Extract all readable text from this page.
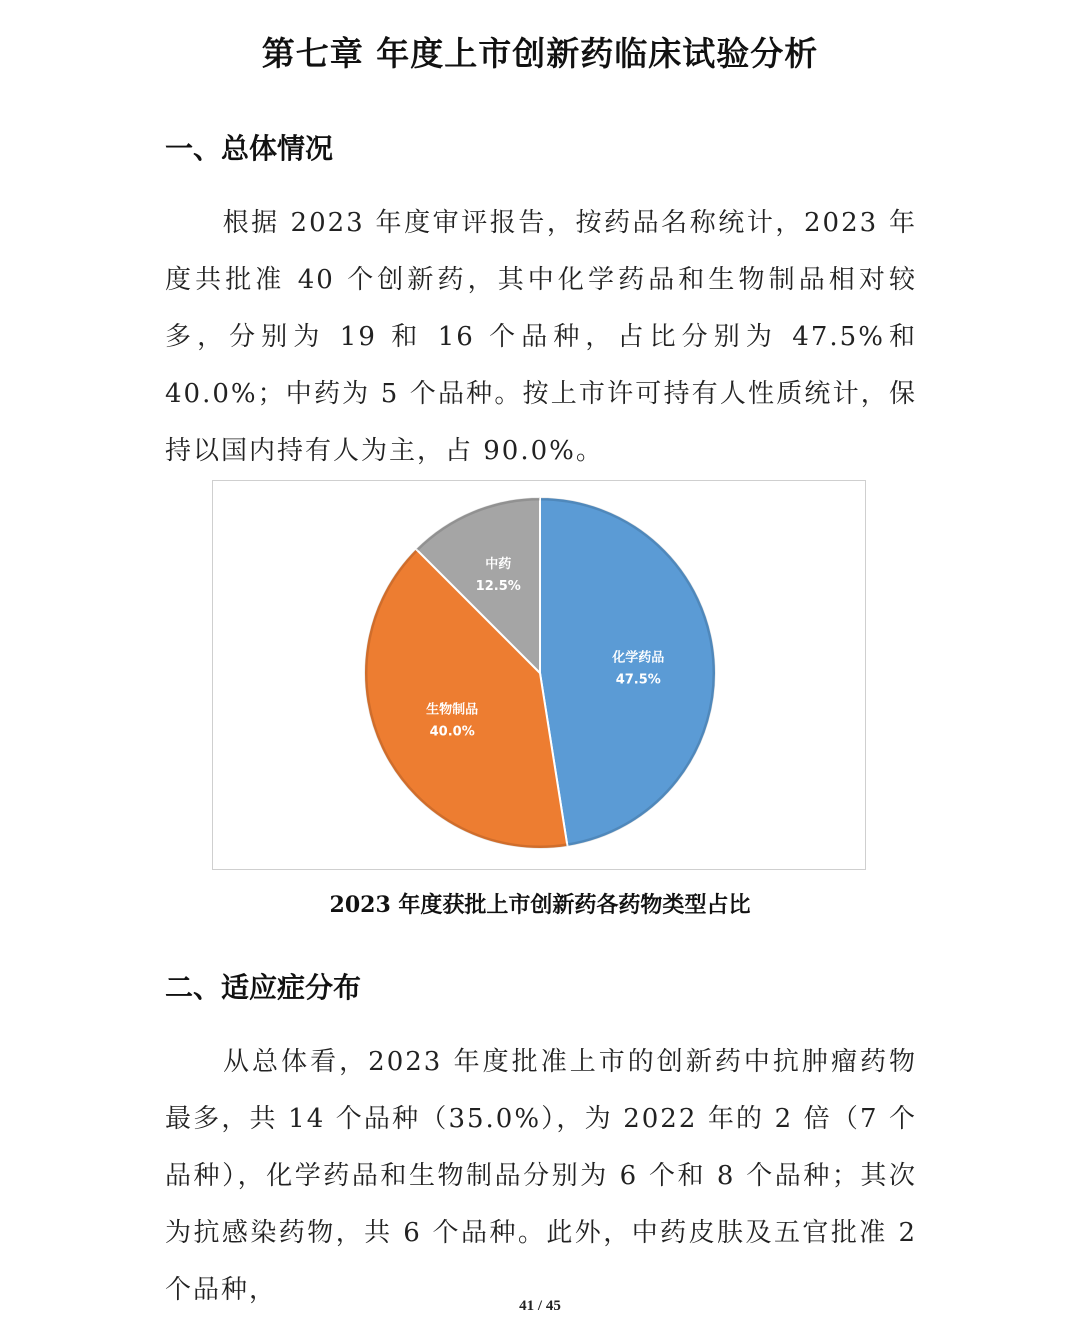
第七章 年度上市创新药临床试验分析
一、总体情况

根据 2023 年度审评报告，按药品名称统计，2023 年度共批准 40 个创新药，其中化学药品和生物制品相对较多，分别为 19 和 16 个品种，占比分别为 47.5%和 40.0%；中药为 5 个品种。按上市许可持有人性质统计，保持以国内持有人为主，占 90.0%。

化学药品
47.5%
生物制品
40.0%
中药
12.5%
2023 年度获批上市创新药各药物类型占比
二、适应症分布

从总体看，2023 年度批准上市的创新药中抗肿瘤药物最多，共 14 个品种（35.0%），为 2022 年的 2 倍（7 个品种），化学药品和生物制品分别为 6 个和 8 个品种；其次为抗感染药物，共 6 个品种。此外，中药皮肤及五官批准 2 个品种，

41 / 45
